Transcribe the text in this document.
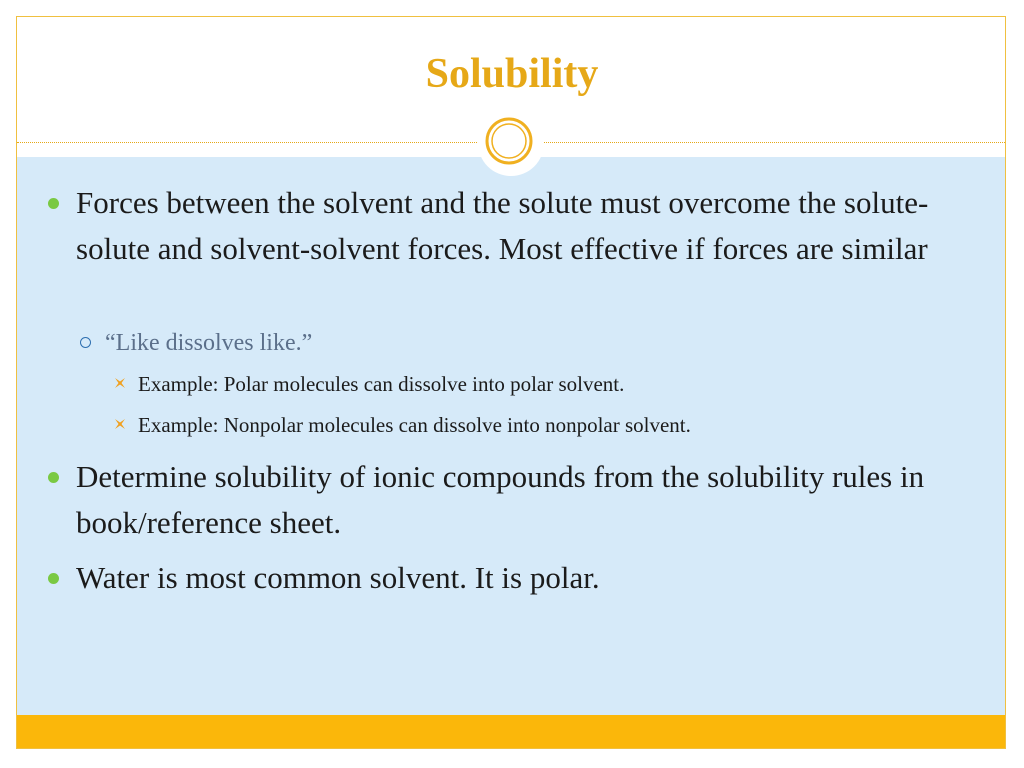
Solubility
Forces between the solvent and the solute must overcome the solute-solute and solvent-solvent forces. Most effective if forces are similar
“Like dissolves like.”
Example: Polar molecules can dissolve into polar solvent.
Example: Nonpolar molecules can dissolve into nonpolar solvent.
Determine solubility of ionic compounds from the solubility rules in book/reference sheet.
Water is most common solvent. It is polar.
